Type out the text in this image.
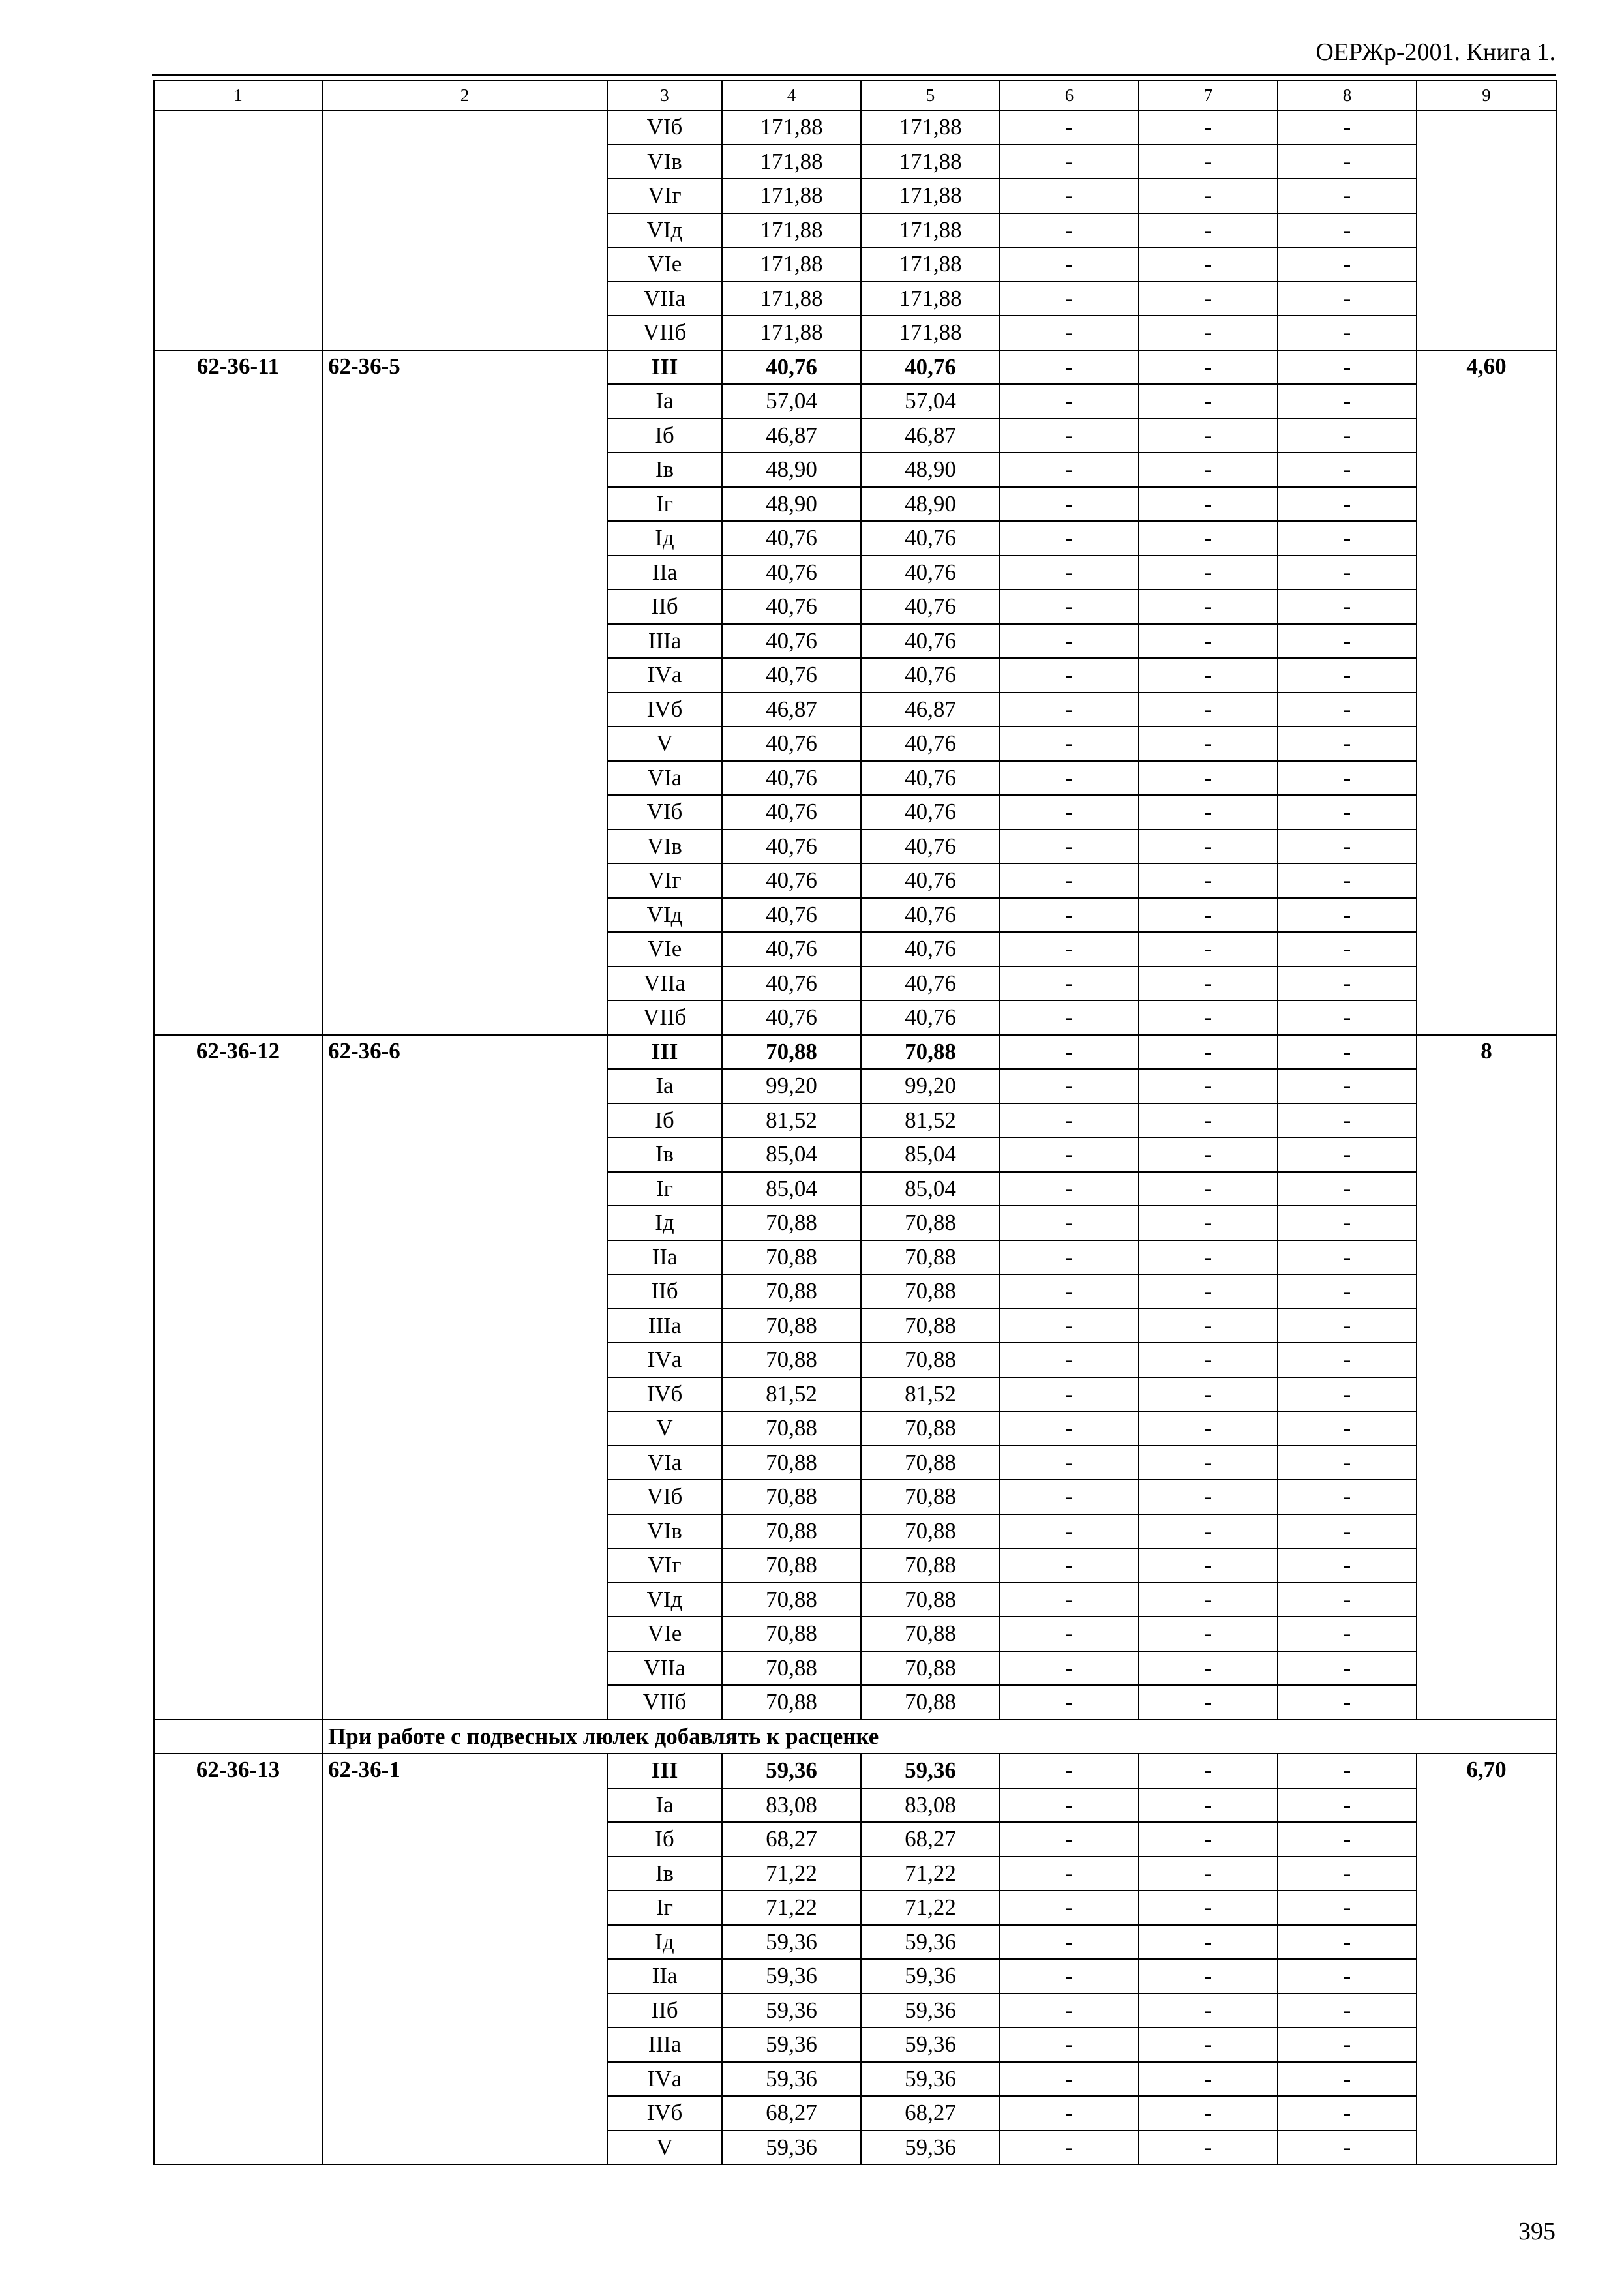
ОЕРЖр-2001. Книга 1.
1	2	3	4	5	6	7	8	9
		VIб	171,88	171,88	-	-	-	
		VIв	171,88	171,88	-	-	-	
		VIг	171,88	171,88	-	-	-	
		VIд	171,88	171,88	-	-	-	
		VIе	171,88	171,88	-	-	-	
		VIIа	171,88	171,88	-	-	-	
		VIIб	171,88	171,88	-	-	-	
62-36-11	62-36-5	III	40,76	40,76	-	-	-	4,60
		Iа	57,04	57,04	-	-	-	
		Iб	46,87	46,87	-	-	-	
		Iв	48,90	48,90	-	-	-	
		Iг	48,90	48,90	-	-	-	
		Iд	40,76	40,76	-	-	-	
		IIа	40,76	40,76	-	-	-	
		IIб	40,76	40,76	-	-	-	
		IIIа	40,76	40,76	-	-	-	
		IVа	40,76	40,76	-	-	-	
		IVб	46,87	46,87	-	-	-	
		V	40,76	40,76	-	-	-	
		VIа	40,76	40,76	-	-	-	
		VIб	40,76	40,76	-	-	-	
		VIв	40,76	40,76	-	-	-	
		VIг	40,76	40,76	-	-	-	
		VIд	40,76	40,76	-	-	-	
		VIе	40,76	40,76	-	-	-	
		VIIа	40,76	40,76	-	-	-	
		VIIб	40,76	40,76	-	-	-	
62-36-12	62-36-6	III	70,88	70,88	-	-	-	8
		Iа	99,20	99,20	-	-	-	
		Iб	81,52	81,52	-	-	-	
		Iв	85,04	85,04	-	-	-	
		Iг	85,04	85,04	-	-	-	
		Iд	70,88	70,88	-	-	-	
		IIа	70,88	70,88	-	-	-	
		IIб	70,88	70,88	-	-	-	
		IIIа	70,88	70,88	-	-	-	
		IVа	70,88	70,88	-	-	-	
		IVб	81,52	81,52	-	-	-	
		V	70,88	70,88	-	-	-	
		VIа	70,88	70,88	-	-	-	
		VIб	70,88	70,88	-	-	-	
		VIв	70,88	70,88	-	-	-	
		VIг	70,88	70,88	-	-	-	
		VIд	70,88	70,88	-	-	-	
		VIе	70,88	70,88	-	-	-	
		VIIа	70,88	70,88	-	-	-	
		VIIб	70,88	70,88	-	-	-	
	При работе с подвесных люлек добавлять к расценке							
62-36-13	62-36-1	III	59,36	59,36	-	-	-	6,70
		Iа	83,08	83,08	-	-	-	
		Iб	68,27	68,27	-	-	-	
		Iв	71,22	71,22	-	-	-	
		Iг	71,22	71,22	-	-	-	
		Iд	59,36	59,36	-	-	-	
		IIа	59,36	59,36	-	-	-	
		IIб	59,36	59,36	-	-	-	
		IIIа	59,36	59,36	-	-	-	
		IVа	59,36	59,36	-	-	-	
		IVб	68,27	68,27	-	-	-	
		V	59,36	59,36	-	-	-	
395
